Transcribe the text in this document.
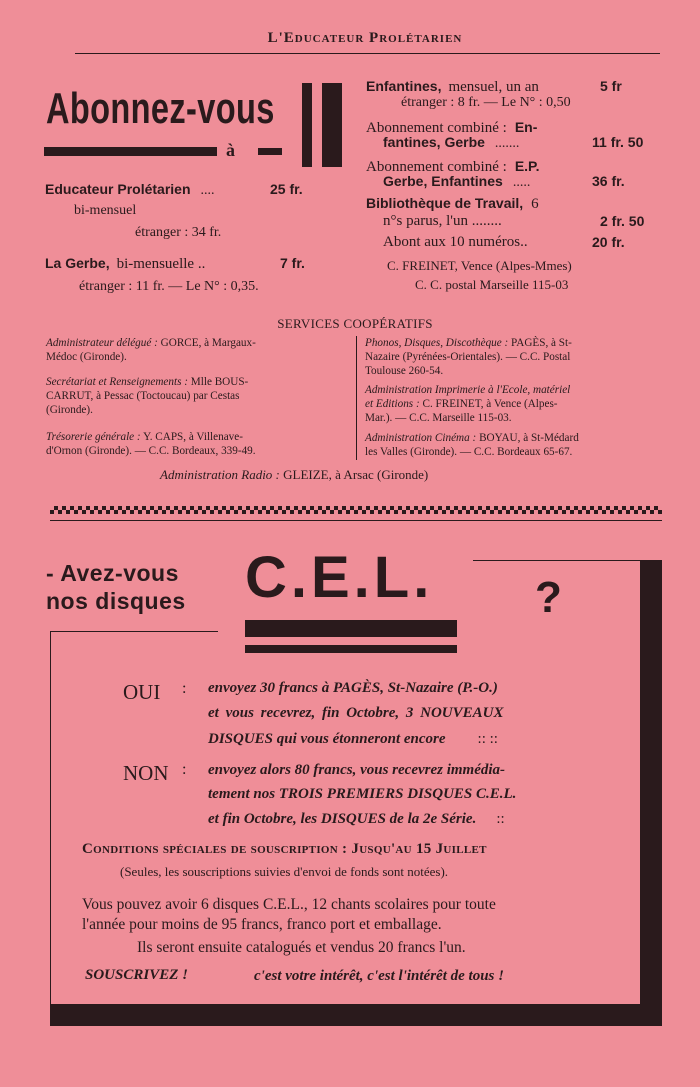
L'Educateur Prolétarien
Abonnez-vous
à
Educateur Prolétarien ....	25 fr.
bi-mensuel
étranger : 34 fr.
La Gerbe, bi-mensuelle ..	7 fr.
étranger : 11 fr. — Le N° : 0,35.
Enfantines, mensuel, un an	5 fr
étranger : 8 fr. — Le N° : 0,50
Abonnement combiné : En-
fantines, Gerbe .......	11 fr. 50
Abonnement combiné : E.P.
Gerbe, Enfantines .....	36 fr.
Bibliothèque de Travail, 6
n°s parus, l'un ........	2 fr. 50
Abont aux 10 numéros..	20 fr.
C. FREINET, Vence (Alpes-Mmes)
C. C. postal Marseille 115-03
SERVICES COOPÉRATIFS
Administrateur délégué : GORCE, à Margaux-
Médoc (Gironde).
Secrétariat et Renseignements : Mlle BOUS-
CARRUT, à Pessac (Toctoucau) par Cestas
(Gironde).
Trésorerie générale : Y. CAPS, à Villenave-
d'Ornon (Gironde). — C.C. Bordeaux, 339-49.
Phonos, Disques, Discothèque : PAGÈS, à St-
Nazaire (Pyrénées-Orientales). — C.C. Postal
Toulouse 260-54.
Administration Imprimerie à l'Ecole, matériel
et Editions : C. FREINET, à Vence (Alpes-
Mar.). — C.C. Marseille 115-03.
Administration Cinéma : BOYAU, à St-Médard
les Valles (Gironde). — C.C. Bordeaux 65-67.
Administration Radio : GLEIZE, à Arsac (Gironde)
- Avez-vous
nos disques C.E.L. ?
OUI : envoyez 30 francs à PAGÈS, St-Nazaire (P.-O.)
et vous recevrez, fin Octobre, 3 NOUVEAUX
DISQUES qui vous étonneront encore :: ::
NON : envoyez alors 80 francs, vous recevrez immédia-
tement nos TROIS PREMIERS DISQUES C.E.L.
et fin Octobre, les DISQUES de la 2e Série. ::
Conditions spéciales de souscription : Jusqu'au 15 Juillet
(Seules, les souscriptions suivies d'envoi de fonds sont notées).
Vous pouvez avoir 6 disques C.E.L., 12 chants scolaires pour toute
l'année pour moins de 95 francs, franco port et emballage.
Ils seront ensuite catalogués et vendus 20 francs l'un.
SOUSCRIVEZ !	c'est votre intérêt, c'est l'intérêt de tous !
